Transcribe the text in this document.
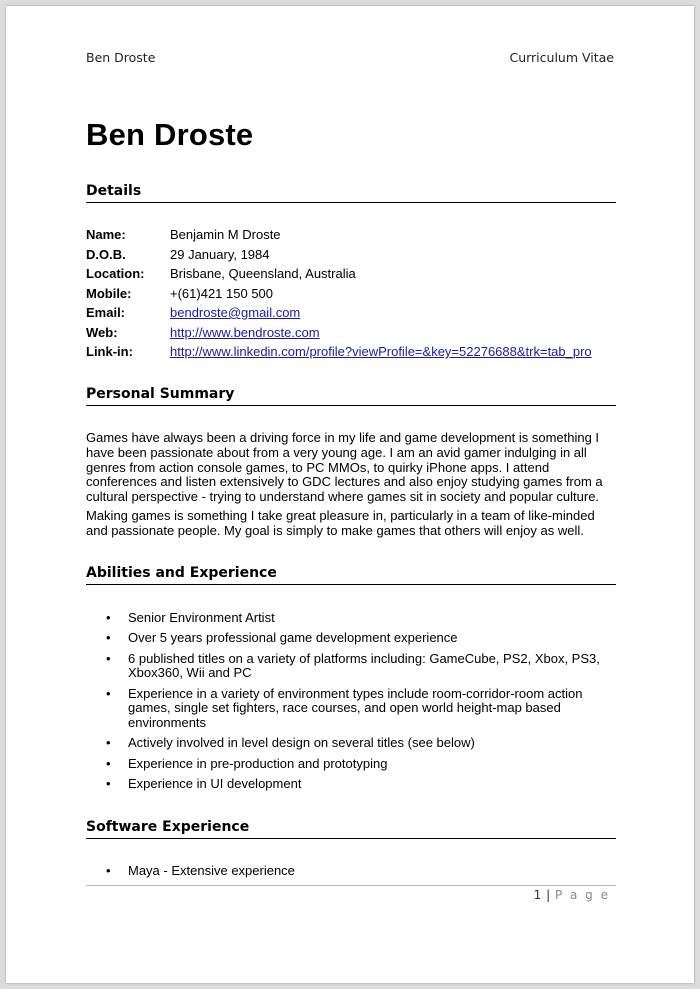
Ben Droste	Curriculum Vitae
Ben Droste
Details
Name:	Benjamin M Droste
D.O.B.	29 January, 1984
Location:	Brisbane, Queensland, Australia
Mobile:	+(61)421 150 500
Email:	bendroste@gmail.com
Web:	http://www.bendroste.com
Link-in:	http://www.linkedin.com/profile?viewProfile=&key=52276688&trk=tab_pro
Personal Summary

Games have always been a driving force in my life and game development is something I have been passionate about from a very young age. I am an avid gamer indulging in all genres from action console games, to PC MMOs, to quirky iPhone apps. I attend conferences and listen extensively to GDC lectures and also enjoy studying games from a cultural perspective - trying to understand where games sit in society and popular culture.

Making games is something I take great pleasure in, particularly in a team of like-minded and passionate people. My goal is simply to make games that others will enjoy as well.

Abilities and Experience
• Senior Environment Artist
• Over 5 years professional game development experience
• 6 published titles on a variety of platforms including: GameCube, PS2, Xbox, PS3, Xbox360, Wii and PC
• Experience in a variety of environment types include room-corridor-room action games, single set fighters, race courses, and open world height-map based environments
• Actively involved in level design on several titles (see below)
• Experience in pre-production and prototyping
• Experience in UI development
Software Experience
• Maya - Extensive experience
1 | P a g e
